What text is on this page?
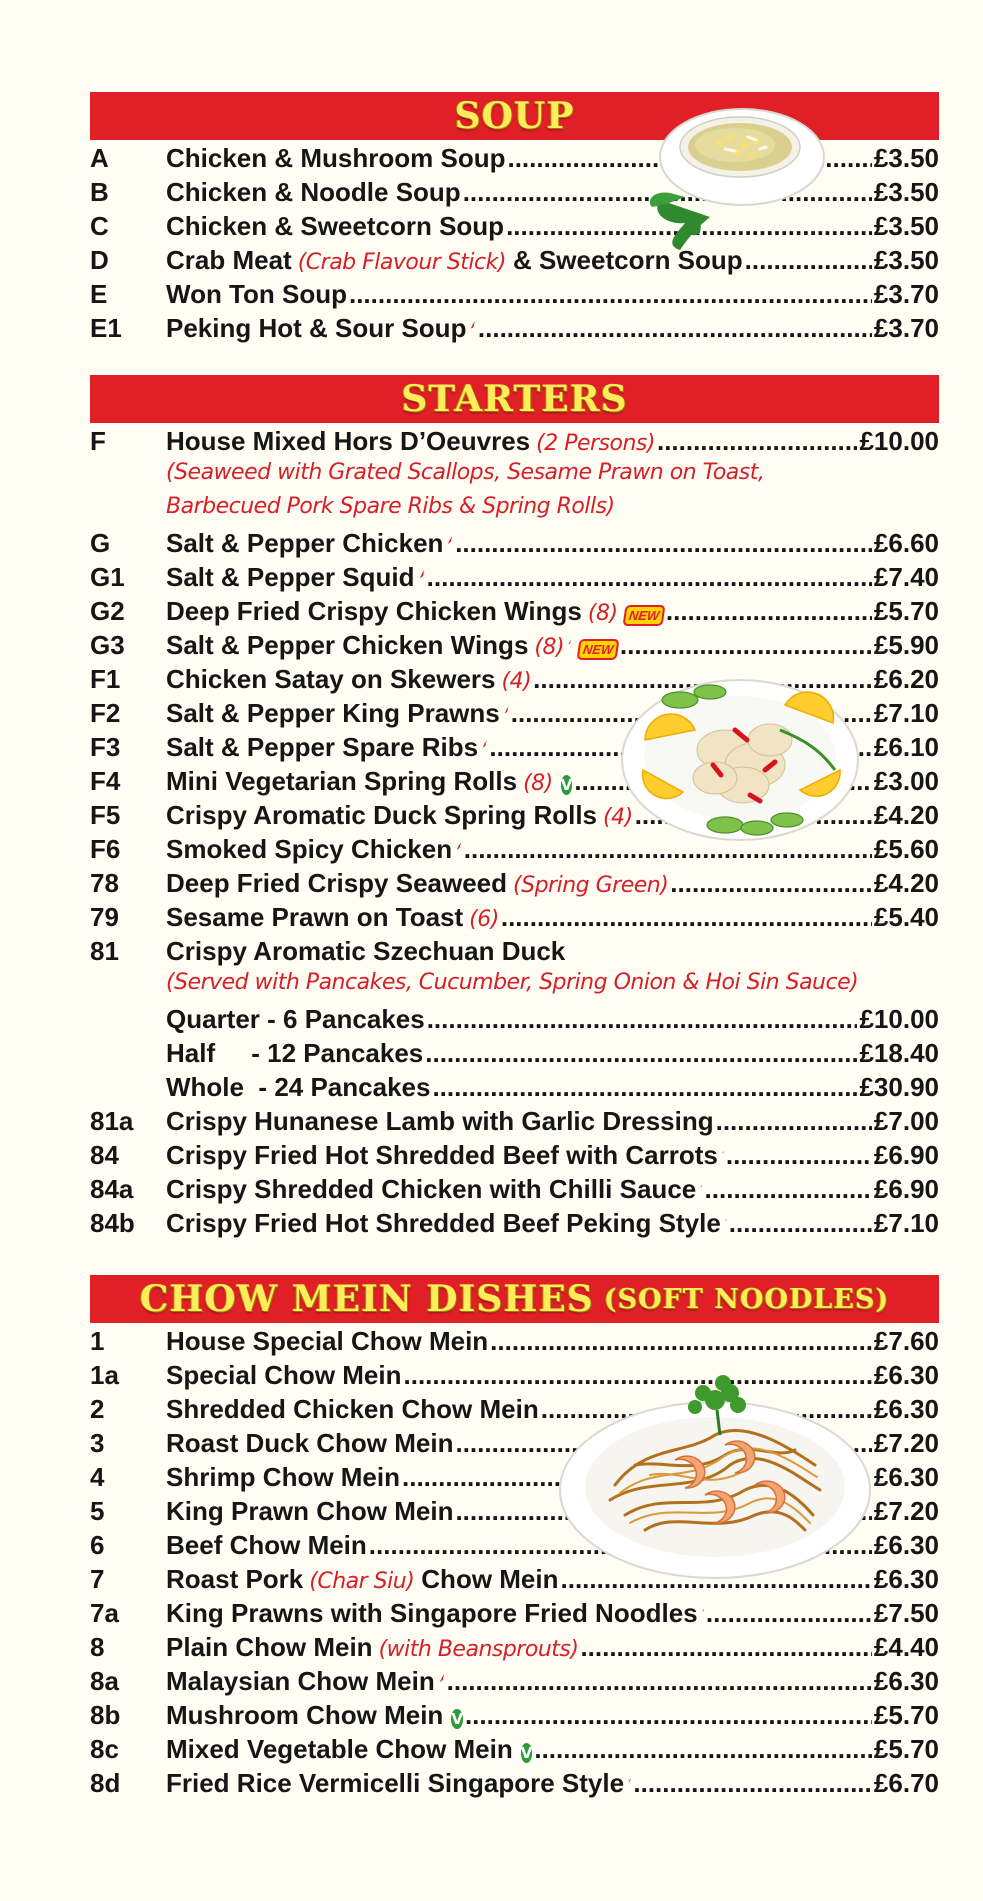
SOUP
A	Chicken & Mushroom Soup .....	£3.50
B	Chicken & Noodle Soup .....	£3.50
C	Chicken & Sweetcorn Soup .....	£3.50
D	Crab Meat (Crab Flavour Stick) & Sweetcorn Soup .....	£3.50
E	Won Ton Soup .....	£3.70
E1	Peking Hot & Sour Soup .....	£3.70
STARTERS
F	House Mixed Hors D’Oeuvres (2 Persons) .....	£10.00
(Seaweed with Grated Scallops, Sesame Prawn on Toast,
Barbecued Pork Spare Ribs & Spring Rolls)
G	Salt & Pepper Chicken .....	£6.60
G1	Salt & Pepper Squid .....	£7.40
G2	Deep Fried Crispy Chicken Wings (8) NEW .....	£5.70
G3	Salt & Pepper Chicken Wings (8)	NEW .....	£5.90
F1	Chicken Satay on Skewers (4) .....	£6.20
F2	Salt & Pepper King Prawns .....	£7.10
F3	Salt & Pepper Spare Ribs .....	£6.10
F4	Mini Vegetarian Spring Rolls (8) V .....	£3.00
F5	Crispy Aromatic Duck Spring Rolls (4) .....	£4.20
F6	Smoked Spicy Chicken .....	£5.60
78	Deep Fried Crispy Seaweed (Spring Green) .....	£4.20
79	Sesame Prawn on Toast (6) .....	£5.40
81	Crispy Aromatic Szechuan Duck
(Served with Pancakes, Cucumber, Spring Onion & Hoi Sin Sauce)
Quarter - 6 Pancakes .....	£10.00
Half     - 12 Pancakes .....	£18.40
Whole  - 24 Pancakes .....	£30.90
81a	Crispy Hunanese Lamb with Garlic Dressing .....	£7.00
84	Crispy Fried Hot Shredded Beef with Carrots .....	£6.90
84a	Crispy Shredded Chicken with Chilli Sauce .....	£6.90
84b	Crispy Fried Hot Shredded Beef Peking Style .....	£7.10
CHOW MEIN DISHES (SOFT NOODLES)
1	House Special Chow Mein .....	£7.60
1a	Special Chow Mein .....	£6.30
2	Shredded Chicken Chow Mein .....	£6.30
3	Roast Duck Chow Mein .....	£7.20
4	Shrimp Chow Mein .....	£6.30
5	King Prawn Chow Mein .....	£7.20
6	Beef Chow Mein .....	£6.30
7	Roast Pork (Char Siu) Chow Mein .....	£6.30
7a	King Prawns with Singapore Fried Noodles .....	£7.50
8	Plain Chow Mein (with Beansprouts) .....	£4.40
8a	Malaysian Chow Mein .....	£6.30
8b	Mushroom Chow Mein V .....	£5.70
8c	Mixed Vegetable Chow Mein V .....	£5.70
8d	Fried Rice Vermicelli Singapore Style .....	£6.70
